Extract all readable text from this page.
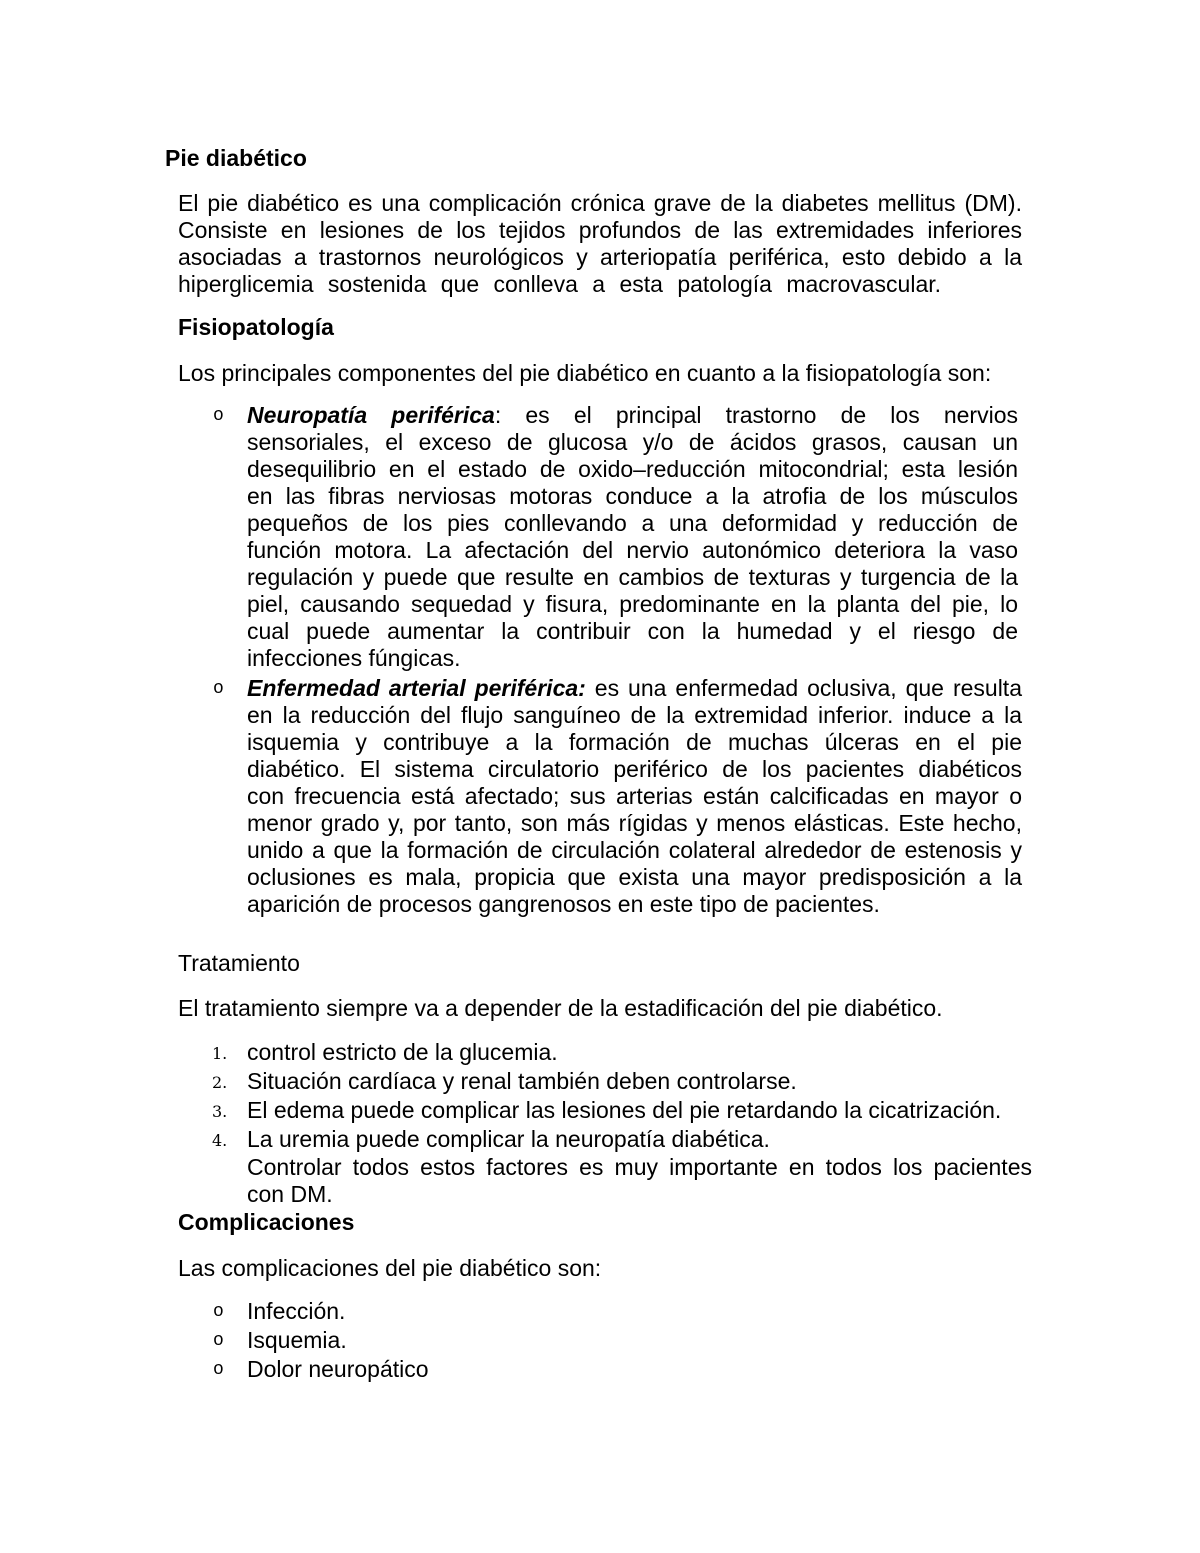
Pie diabético
El pie diabético es una complicación crónica grave de la diabetes mellitus (DM).
Consiste en lesiones de los tejidos profundos de las extremidades inferiores
asociadas a trastornos neurológicos y arteriopatía periférica, esto debido a la
hiperglicemia sostenida que conlleva a esta patología macrovascular.
Fisiopatología
Los principales componentes del pie diabético en cuanto a la fisiopatología son:
o Neuropatía periférica: es el principal trastorno de los nervios
sensoriales, el exceso de glucosa y/o de ácidos grasos, causan un
desequilibrio en el estado de oxido–reducción mitocondrial; esta lesión
en las fibras nerviosas motoras conduce a la atrofia de los músculos
pequeños de los pies conllevando a una deformidad y reducción de
función motora. La afectación del nervio autonómico deteriora la vaso
regulación y puede que resulte en cambios de texturas y turgencia de la
piel, causando sequedad y fisura, predominante en la planta del pie, lo
cual puede aumentar la contribuir con la humedad y el riesgo de
infecciones fúngicas.
o Enfermedad arterial periférica: es una enfermedad oclusiva, que resulta
en la reducción del flujo sanguíneo de la extremidad inferior. induce a la
isquemia y contribuye a la formación de muchas úlceras en el pie
diabético. El sistema circulatorio periférico de los pacientes diabéticos
con frecuencia está afectado; sus arterias están calcificadas en mayor o
menor grado y, por tanto, son más rígidas y menos elásticas. Este hecho,
unido a que la formación de circulación colateral alrededor de estenosis y
oclusiones es mala, propicia que exista una mayor predisposición a la
aparición de procesos gangrenosos en este tipo de pacientes.
Tratamiento
El tratamiento siempre va a depender de la estadificación del pie diabético.
1. control estricto de la glucemia.
2. Situación cardíaca y renal también deben controlarse.
3. El edema puede complicar las lesiones del pie retardando la cicatrización.
4. La uremia puede complicar la neuropatía diabética.
Controlar todos estos factores es muy importante en todos los pacientes
con DM.
Complicaciones
Las complicaciones del pie diabético son:
o Infección.
o Isquemia.
o Dolor neuropático
